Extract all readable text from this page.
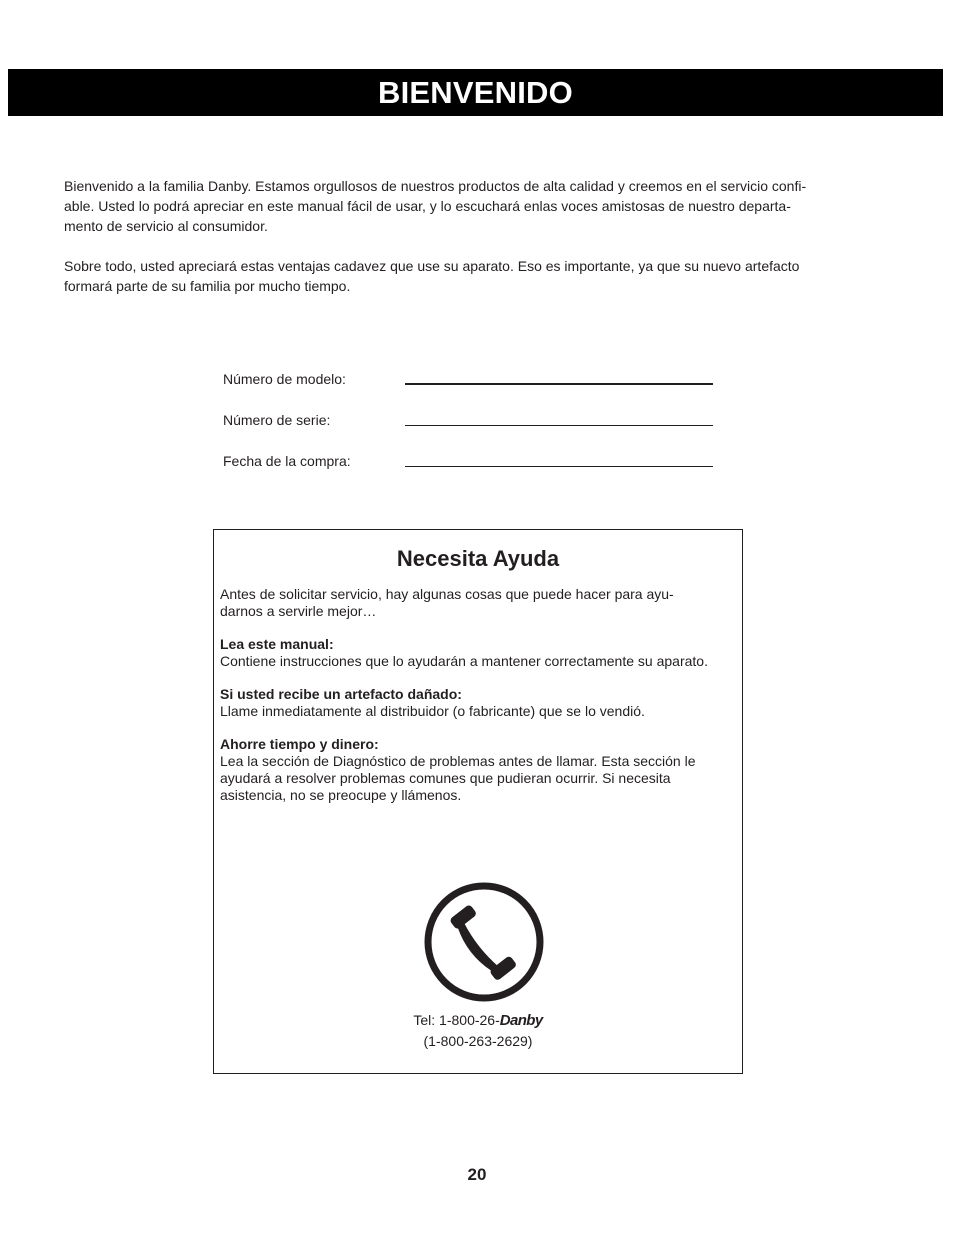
BIENVENIDO

Bienvenido a la familia Danby. Estamos orgullosos de nuestros productos de alta calidad y creemos en el servicio confi-
able. Usted lo podrá apreciar en este manual fácil de usar, y lo escuchará enlas voces amistosas de nuestro departa-
mento de servicio al consumidor.

Sobre todo, usted apreciará estas ventajas cadavez que use su aparato. Eso es importante, ya que su nuevo artefacto
formará parte de su familia por mucho tiempo.

Número de modelo:
Número de serie:
Fecha de la compra:
Necesita Ayuda

Antes de solicitar servicio, hay algunas cosas que puede hacer para ayu-
darnos a servirle mejor…

Lea este manual:

Contiene instrucciones que lo ayudarán a mantener correctamente su aparato.

Si usted recibe un artefacto dañado:

Llame inmediatamente al distribuidor (o fabricante) que se lo vendió.

Ahorre tiempo y dinero:

Lea la sección de Diagnóstico de problemas antes de llamar. Esta sección le ayudará a resolver problemas comunes que pudieran ocurrir. Si necesita asistencia, no se preocupe y llámenos.

Tel: 1-800-26-Danby
(1-800-263-2629)
20
